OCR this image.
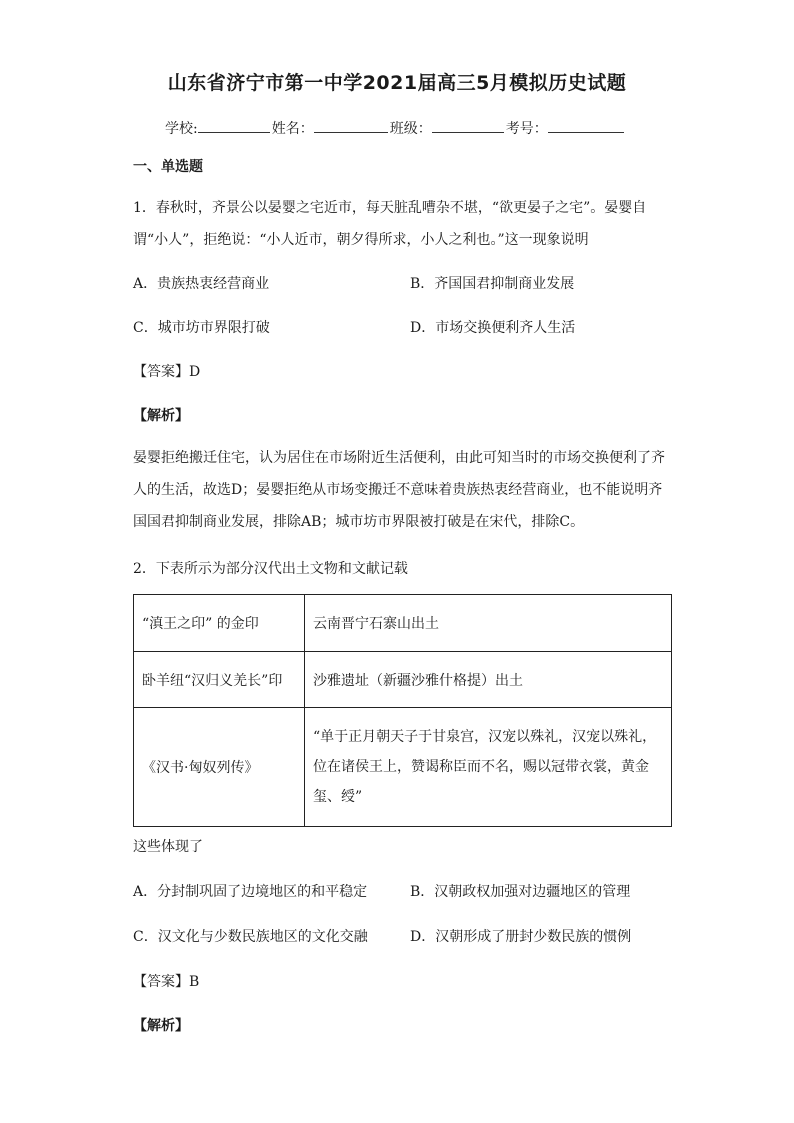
山东省济宁市第一中学2021届高三5月模拟历史试题
学校:	姓名：	班级：	考号：
一、单选题
1．春秋时，齐景公以晏婴之宅近市，每天脏乱嘈杂不堪，“欲更晏子之宅”。晏婴自谓“小人”，拒绝说：“小人近市，朝夕得所求，小人之利也。”这一现象说明
A．贵族热衷经营商业	B．齐国国君抑制商业发展
C．城市坊市界限打破	D．市场交换便利齐人生活
【答案】D
【解析】
晏婴拒绝搬迁住宅，认为居住在市场附近生活便利，由此可知当时的市场交换便利了齐人的生活，故选D；晏婴拒绝从市场变搬迁不意味着贵族热衷经营商业，也不能说明齐国国君抑制商业发展，排除AB；城市坊市界限被打破是在宋代，排除C。
2．下表所示为部分汉代出土文物和文献记载
“滇王之印” 的金印	云南晋宁石寨山出土
卧羊纽“汉归义羌长”印	沙雅遗址（新疆沙雅什格提）出土
《汉书·匈奴列传》	“单于正月朝天子于甘泉宫，汉宠以殊礼，汉宠以殊礼，位在诸侯王上，赞谒称臣而不名，赐以冠带衣裳，黄金玺、绶”
这些体现了
A．分封制巩固了边境地区的和平稳定	B．汉朝政权加强对边疆地区的管理
C．汉文化与少数民族地区的文化交融	D．汉朝形成了册封少数民族的惯例
【答案】B
【解析】
